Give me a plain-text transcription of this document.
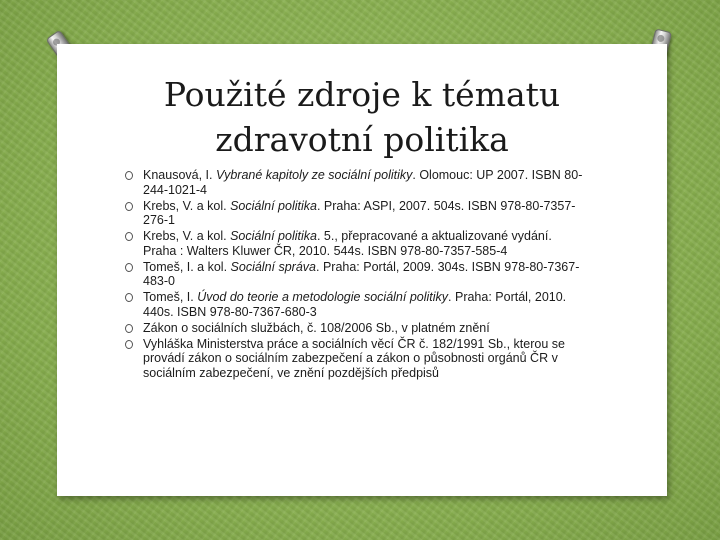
Použité zdroje k tématu
zdravotní politika
Knausová, I. Vybrané kapitoly ze sociální politiky. Olomouc: UP 2007. ISBN 80-244-1021-4
Krebs, V. a kol. Sociální politika. Praha: ASPI, 2007. 504s. ISBN 978-80-7357-276-1
Krebs, V. a kol. Sociální politika. 5., přepracované a aktualizované vydání. Praha : Walters Kluwer ČR, 2010. 544s. ISBN 978-80-7357-585-4
Tomeš, I. a kol. Sociální správa. Praha: Portál, 2009. 304s. ISBN 978-80-7367-483-0
Tomeš, I. Úvod do teorie a metodologie sociální politiky. Praha: Portál, 2010. 440s. ISBN 978-80-7367-680-3
Zákon o sociálních službách, č. 108/2006 Sb., v platném znění
Vyhláška Ministerstva práce a sociálních věcí ČR č. 182/1991 Sb., kterou se provádí zákon o sociálním zabezpečení a zákon o působnosti orgánů ČR v sociálním zabezpečení, ve znění pozdějších předpisů
